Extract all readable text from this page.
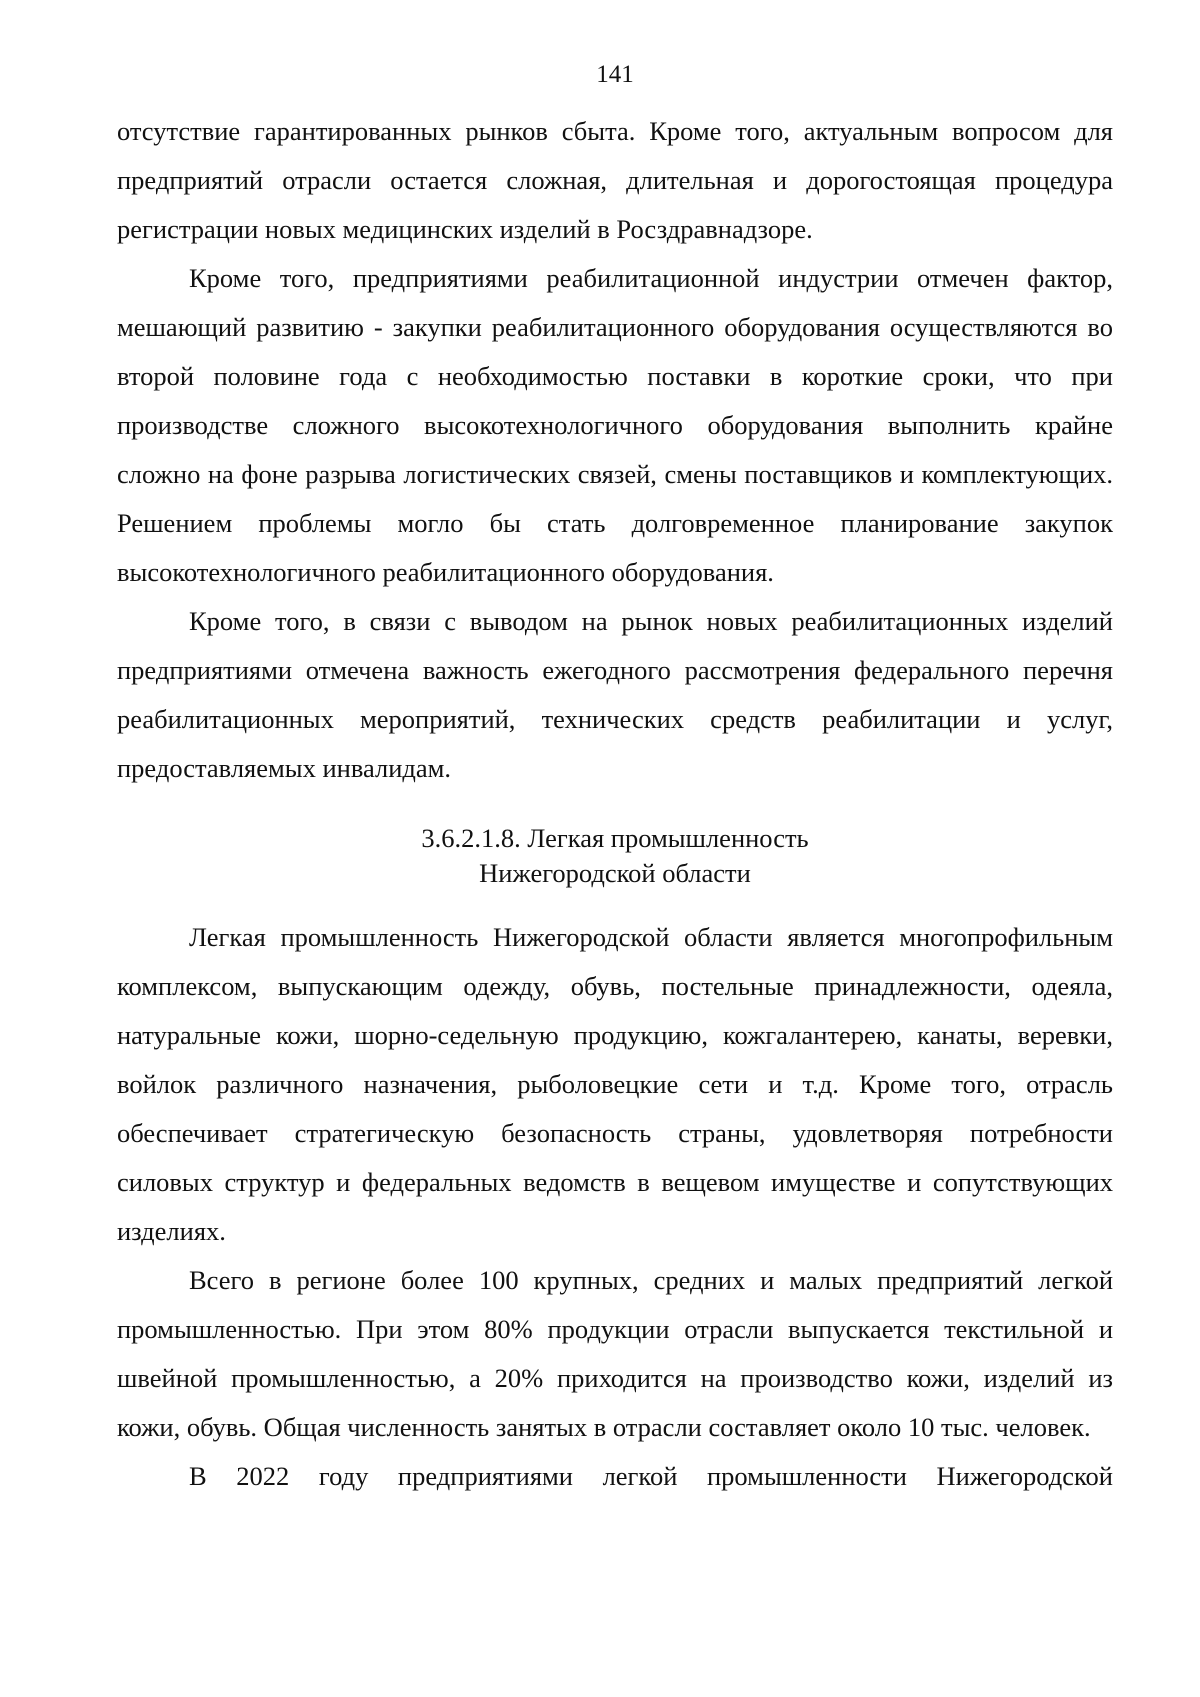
141

отсутствие гарантированных рынков сбыта. Кроме того, актуальным вопросом для предприятий отрасли остается сложная, длительная и дорогостоящая процедура регистрации новых медицинских изделий в Росздравнадзоре.

Кроме того, предприятиями реабилитационной индустрии отмечен фактор, мешающий развитию - закупки реабилитационного оборудования осуществляются во второй половине года с необходимостью поставки в короткие сроки, что при производстве сложного высокотехнологичного оборудования выполнить крайне сложно на фоне разрыва логистических связей, смены поставщиков и комплектующих. Решением проблемы могло бы стать долговременное планирование закупок высокотехнологичного реабилитационного оборудования.

Кроме того, в связи с выводом на рынок новых реабилитационных изделий предприятиями отмечена важность ежегодного рассмотрения федерального перечня реабилитационных мероприятий, технических средств реабилитации и услуг, предоставляемых инвалидам.

3.6.2.1.8. Легкая промышленность
Нижегородской области

Легкая промышленность Нижегородской области является многопрофильным комплексом, выпускающим одежду, обувь, постельные принадлежности, одеяла, натуральные кожи, шорно-седельную продукцию, кожгалантерею, канаты, веревки, войлок различного назначения, рыболовецкие сети и т.д. Кроме того, отрасль обеспечивает стратегическую безопасность страны, удовлетворяя потребности силовых структур и федеральных ведомств в вещевом имуществе и сопутствующих изделиях.

Всего в регионе более 100 крупных, средних и малых предприятий легкой промышленностью. При этом 80% продукции отрасли выпускается текстильной и швейной промышленностью, а 20% приходится на производство кожи, изделий из кожи, обувь. Общая численность занятых в отрасли составляет около 10 тыс. человек.

В 2022 году предприятиями легкой промышленности Нижегородской
